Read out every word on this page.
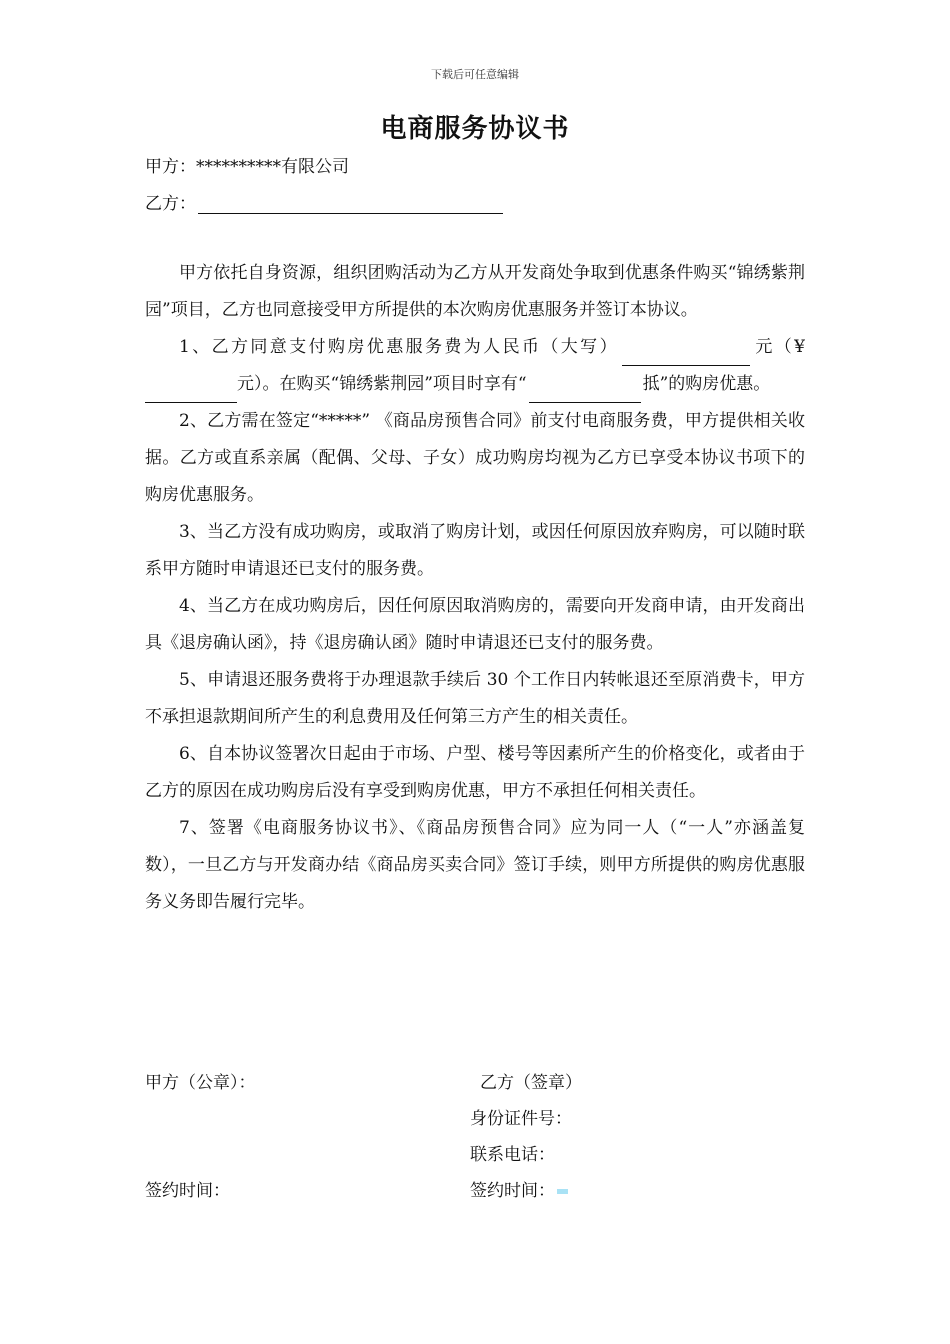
下载后可任意编辑
电商服务协议书
甲方：**********有限公司
乙方：

甲方依托自身资源，组织团购活动为乙方从开发商处争取到优惠条件购买“锦绣紫荆园”项目，乙方也同意接受甲方所提供的本次购房优惠服务并签订本协议。

1、乙方同意支付购房优惠服务费为人民币（大写）	元（¥元）。在购买“锦绣紫荆园”项目时享有“	抵”的购房优惠。

2、乙方需在签定“*****” 《商品房预售合同》前支付电商服务费，甲方提供相关收据。乙方或直系亲属（配偶、父母、子女）成功购房均视为乙方已享受本协议书项下的购房优惠服务。

3、当乙方没有成功购房，或取消了购房计划，或因任何原因放弃购房，可以随时联系甲方随时申请退还已支付的服务费。

4、当乙方在成功购房后，因任何原因取消购房的，需要向开发商申请，由开发商出具《退房确认函》，持《退房确认函》随时申请退还已支付的服务费。

5、申请退还服务费将于办理退款手续后 30 个工作日内转帐退还至原消费卡，甲方不承担退款期间所产生的利息费用及任何第三方产生的相关责任。

6、自本协议签署次日起由于市场、户型、楼号等因素所产生的价格变化，或者由于乙方的原因在成功购房后没有享受到购房优惠，甲方不承担任何相关责任。

7、签署《电商服务协议书》、《商品房预售合同》应为同一人（“一人”亦涵盖复数），一旦乙方与开发商办结《商品房买卖合同》签订手续，则甲方所提供的购房优惠服务义务即告履行完毕。

甲方（公章）：	乙方（签章）
身份证件号：
联系电话：
签约时间：	签约时间：
